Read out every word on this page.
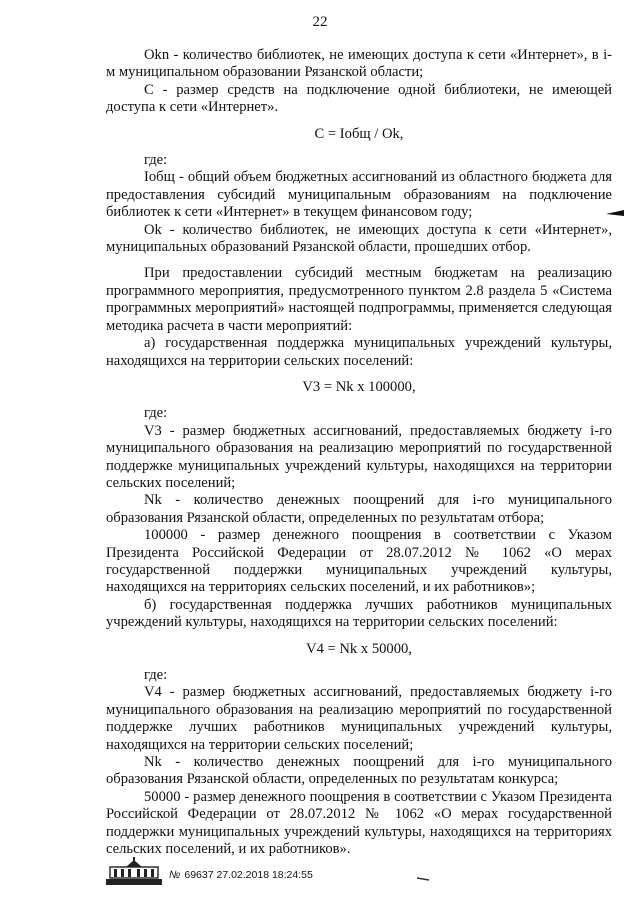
22

Okn - количество библиотек, не имеющих доступа к сети «Интернет», в i-м муниципальном образовании Рязанской области;

С - размер средств на подключение одной библиотеки, не имеющей доступа к сети «Интернет».

C = Iобщ / Ok,

где:

Iобщ - общий объем бюджетных ассигнований из областного бюджета для предоставления субсидий муниципальным образованиям на подключение библиотек к сети «Интернет» в текущем финансовом году;

Ok - количество библиотек, не имеющих доступа к сети «Интернет», муниципальных образований Рязанской области, прошедших отбор.

При предоставлении субсидий местным бюджетам на реализацию программного мероприятия, предусмотренного пунктом 2.8 раздела 5 «Система программных мероприятий» настоящей подпрограммы, применяется следующая методика расчета в части мероприятий:

а) государственная поддержка муниципальных учреждений культуры, находящихся на территории сельских поселений:

V3 = Nk x 100000,

где:

V3 - размер бюджетных ассигнований, предоставляемых бюджету i-го муниципального образования на реализацию мероприятий по государственной поддержке муниципальных учреждений культуры, находящихся на территории сельских поселений;

Nk - количество денежных поощрений для i-го муниципального образования Рязанской области, определенных по результатам отбора;

100000 - размер денежного поощрения в соответствии с Указом Президента Российской Федерации от 28.07.2012 № 1062 «О мерах государственной поддержки муниципальных учреждений культуры, находящихся на территориях сельских поселений, и их работников»;

б) государственная поддержка лучших работников муниципальных учреждений культуры, находящихся на территории сельских поселений:

V4 = Nk x 50000,

где:

V4 - размер бюджетных ассигнований, предоставляемых бюджету i-го муниципального образования на реализацию мероприятий по государственной поддержке лучших работников муниципальных учреждений культуры, находящихся на территории сельских поселений;

Nk - количество денежных поощрений для i-го муниципального образования Рязанской области, определенных по результатам конкурса;

50000 - размер денежного поощрения в соответствии с Указом Президента Российской Федерации от 28.07.2012 № 1062 «О мерах государственной поддержки муниципальных учреждений культуры, находящихся на территориях сельских поселений, и их работников».

№ 69637 27.02.2018 18:24:55
